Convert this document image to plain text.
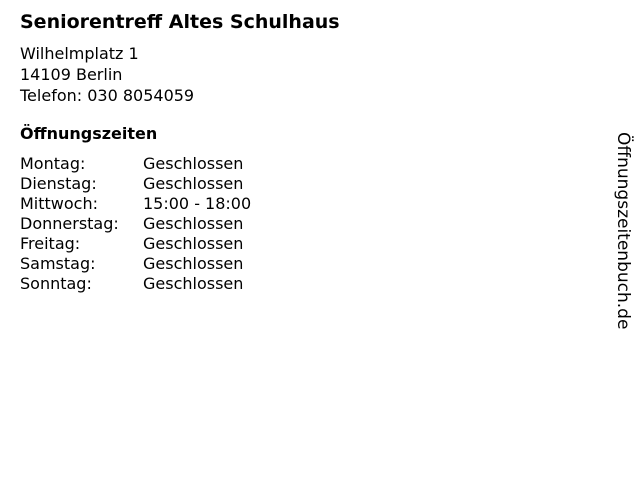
Seniorentreff Altes Schulhaus
Wilhelmplatz 1
14109 Berlin
Telefon: 030 8054059
Öffnungszeiten
Montag:	Geschlossen
Dienstag:	Geschlossen
Mittwoch:	15:00 - 18:00
Donnerstag: Geschlossen
Freitag:	Geschlossen
Samstag:	Geschlossen
Sonntag:	Geschlossen	Öffnungszeitenbuch.de
